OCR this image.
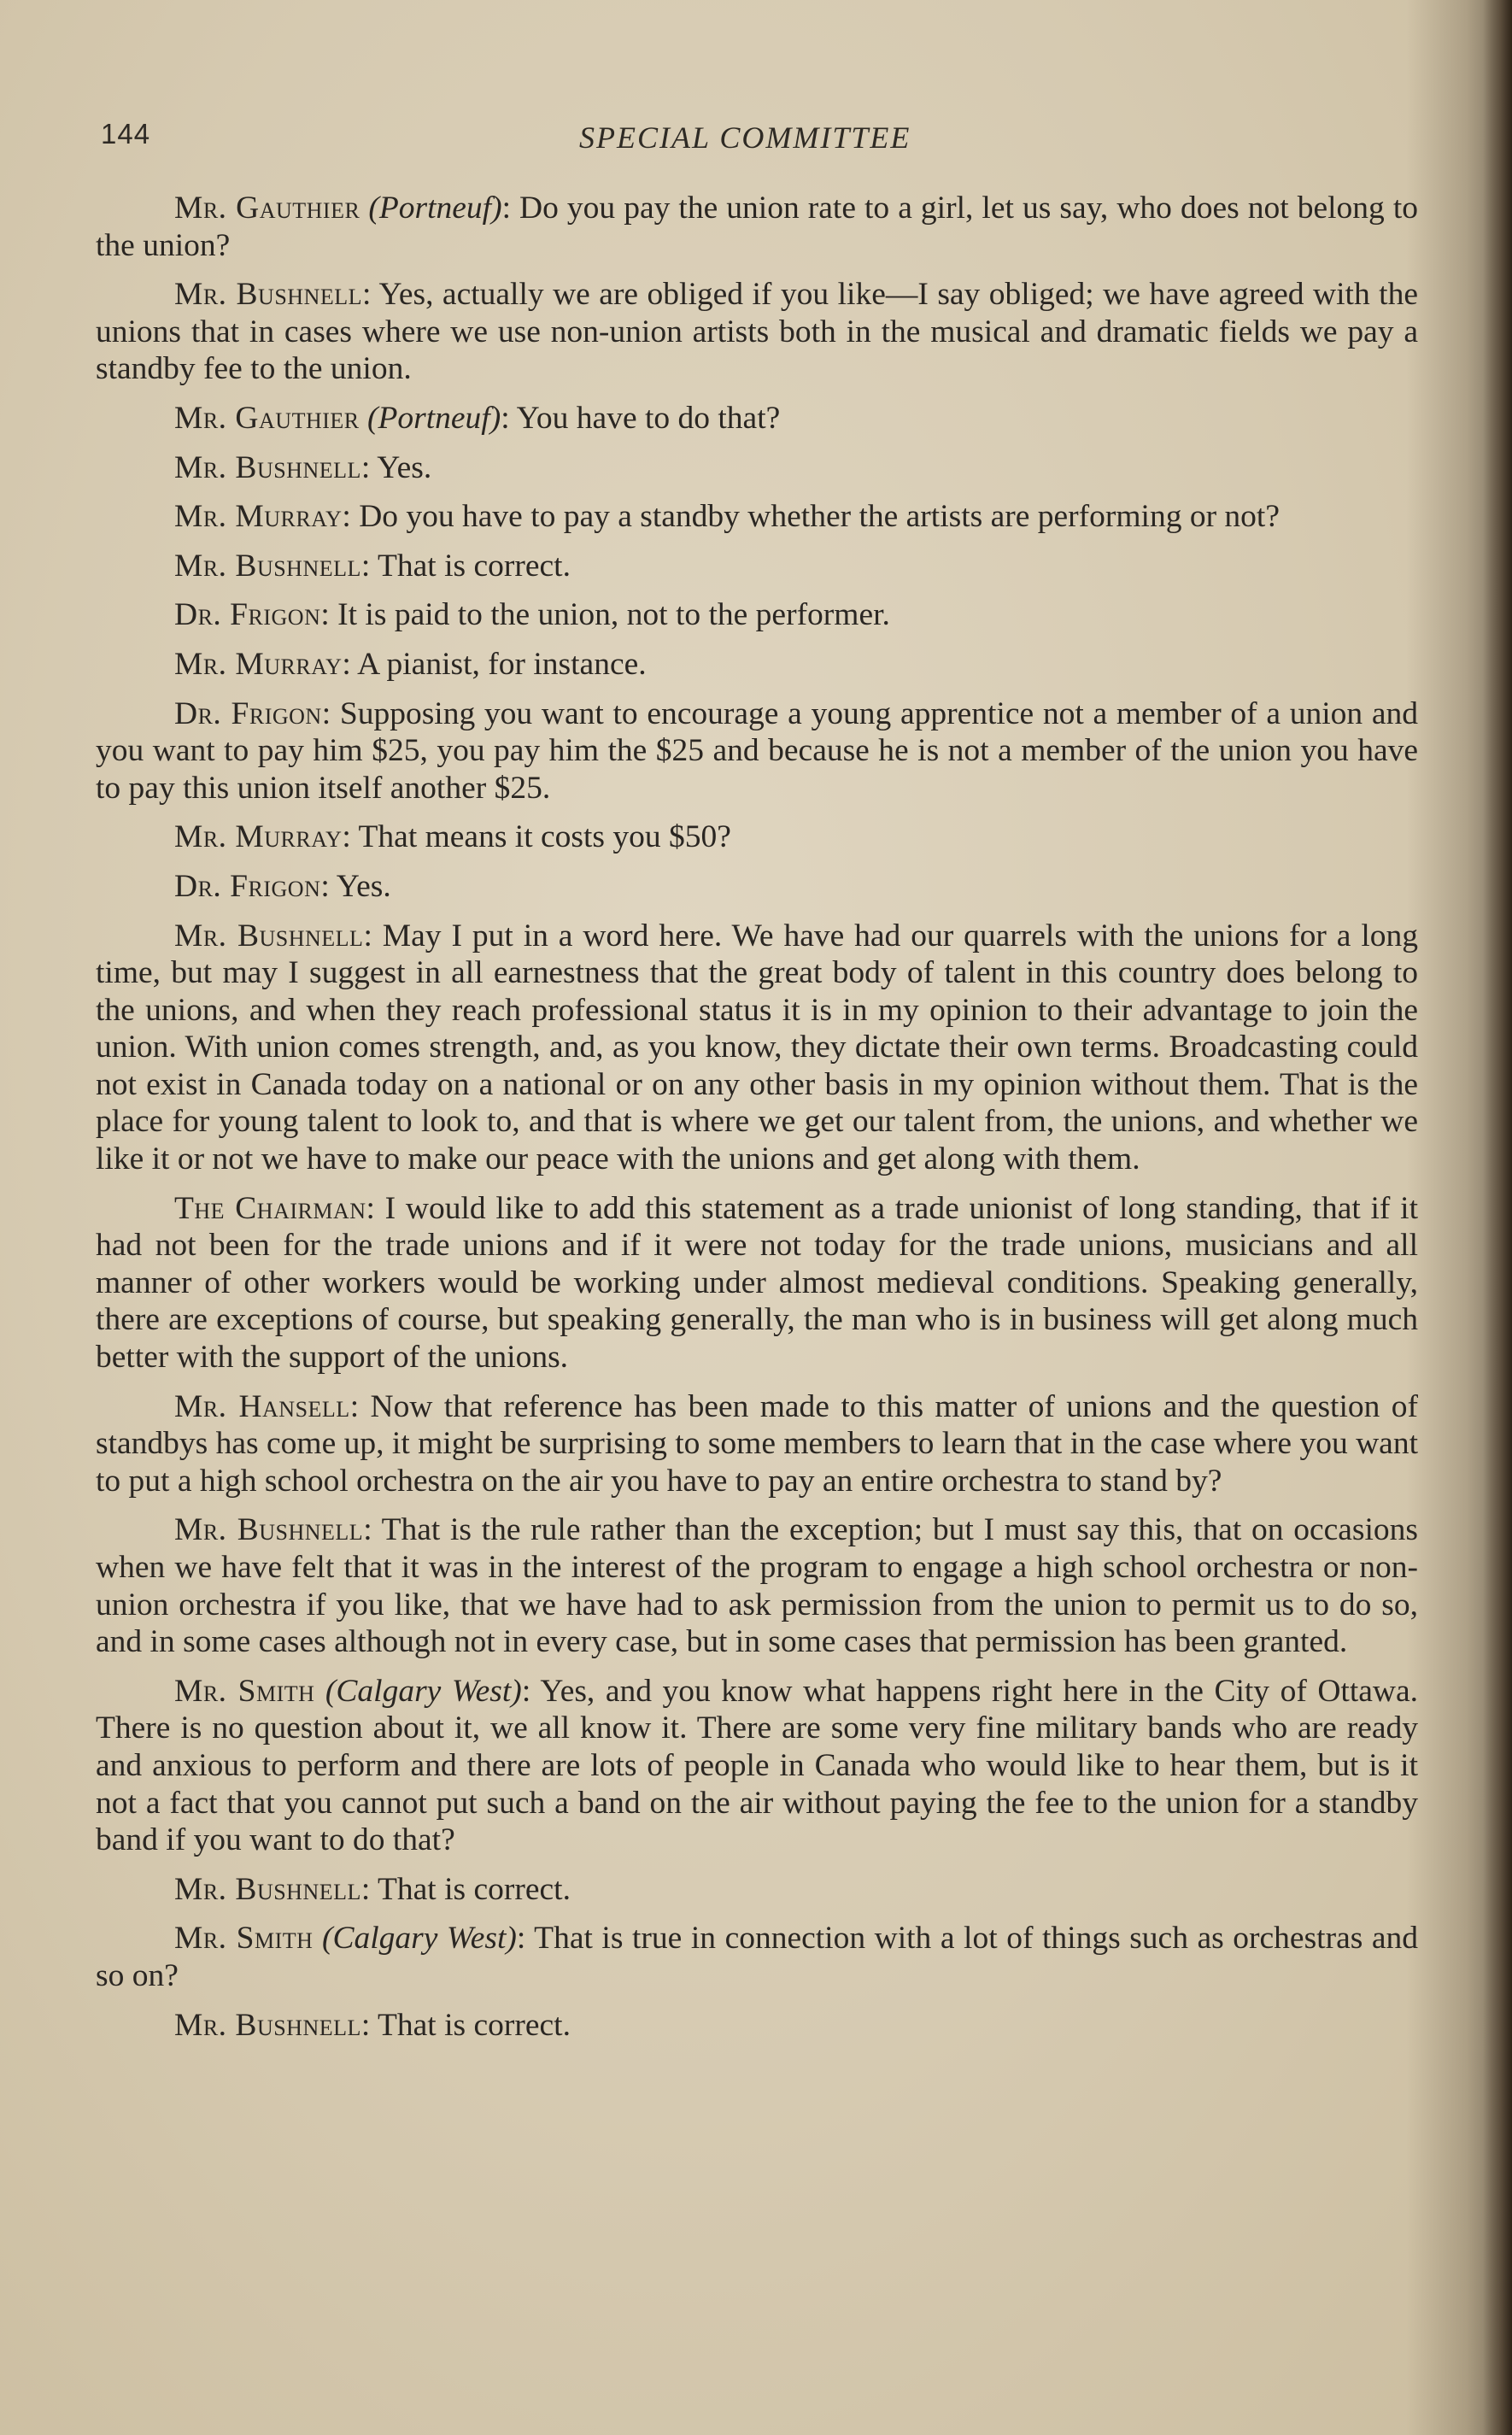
144	SPECIAL COMMITTEE

Mr. Gauthier (Portneuf): Do you pay the union rate to a girl, let us say, who does not belong to the union?

Mr. Bushnell: Yes, actually we are obliged if you like—I say obliged; we have agreed with the unions that in cases where we use non-union artists both in the musical and dramatic fields we pay a standby fee to the union.

Mr. Gauthier (Portneuf): You have to do that?

Mr. Bushnell: Yes.

Mr. Murray: Do you have to pay a standby whether the artists are performing or not?

Mr. Bushnell: That is correct.

Dr. Frigon: It is paid to the union, not to the performer.

Mr. Murray: A pianist, for instance.

Dr. Frigon: Supposing you want to encourage a young apprentice not a member of a union and you want to pay him $25, you pay him the $25 and because he is not a member of the union you have to pay this union itself another $25.

Mr. Murray: That means it costs you $50?

Dr. Frigon: Yes.

Mr. Bushnell: May I put in a word here. We have had our quarrels with the unions for a long time, but may I suggest in all earnestness that the great body of talent in this country does belong to the unions, and when they reach professional status it is in my opinion to their advantage to join the union. With union comes strength, and, as you know, they dictate their own terms. Broadcasting could not exist in Canada today on a national or on any other basis in my opinion without them. That is the place for young talent to look to, and that is where we get our talent from, the unions, and whether we like it or not we have to make our peace with the unions and get along with them.

The Chairman: I would like to add this statement as a trade unionist of long standing, that if it had not been for the trade unions and if it were not today for the trade unions, musicians and all manner of other workers would be working under almost medieval conditions. Speaking generally, there are exceptions of course, but speaking generally, the man who is in business will get along much better with the support of the unions.

Mr. Hansell: Now that reference has been made to this matter of unions and the question of standbys has come up, it might be surprising to some members to learn that in the case where you want to put a high school orchestra on the air you have to pay an entire orchestra to stand by?

Mr. Bushnell: That is the rule rather than the exception; but I must say this, that on occasions when we have felt that it was in the interest of the program to engage a high school orchestra or non-union orchestra if you like, that we have had to ask permission from the union to permit us to do so, and in some cases although not in every case, but in some cases that permission has been granted.

Mr. Smith (Calgary West): Yes, and you know what happens right here in the City of Ottawa. There is no question about it, we all know it. There are some very fine military bands who are ready and anxious to perform and there are lots of people in Canada who would like to hear them, but is it not a fact that you cannot put such a band on the air without paying the fee to the union for a standby band if you want to do that?

Mr. Bushnell: That is correct.

Mr. Smith (Calgary West): That is true in connection with a lot of things such as orchestras and so on?

Mr. Bushnell: That is correct.
